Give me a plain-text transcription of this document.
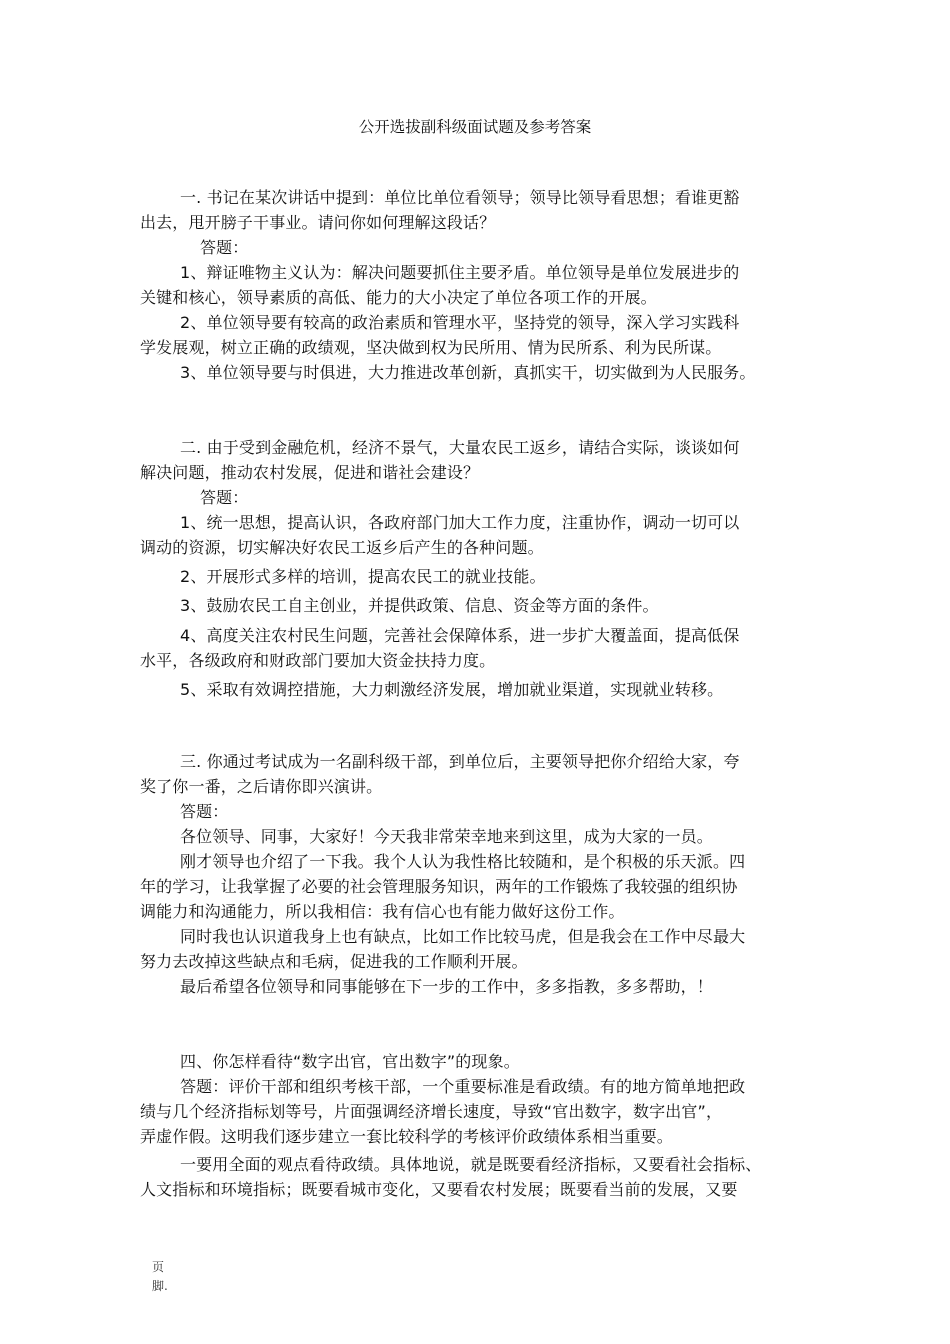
公开选拔副科级面试题及参考答案
一. 书记在某次讲话中提到：单位比单位看领导；领导比领导看思想；看谁更豁
出去，甩开膀子干事业。请问你如何理解这段话？
答题：
1、辩证唯物主义认为：解决问题要抓住主要矛盾。单位领导是单位发展进步的
关键和核心，领导素质的高低、能力的大小决定了单位各项工作的开展。
2、单位领导要有较高的政治素质和管理水平，坚持党的领导，深入学习实践科
学发展观，树立正确的政绩观，坚决做到权为民所用、情为民所系、利为民所谋。
3、单位领导要与时俱进，大力推进改革创新，真抓实干，切实做到为人民服务。
二. 由于受到金融危机，经济不景气，大量农民工返乡，请结合实际，谈谈如何
解决问题，推动农村发展，促进和谐社会建设？
答题：
1、统一思想，提高认识，各政府部门加大工作力度，注重协作，调动一切可以
调动的资源，切实解决好农民工返乡后产生的各种问题。
2、开展形式多样的培训，提高农民工的就业技能。
3、鼓励农民工自主创业，并提供政策、信息、资金等方面的条件。
4、高度关注农村民生问题，完善社会保障体系，进一步扩大覆盖面，提高低保
水平，各级政府和财政部门要加大资金扶持力度。
5、采取有效调控措施，大力刺激经济发展，增加就业渠道，实现就业转移。
三. 你通过考试成为一名副科级干部，到单位后，主要领导把你介绍给大家，夸
奖了你一番，之后请你即兴演讲。
答题：
各位领导、同事，大家好！今天我非常荣幸地来到这里，成为大家的一员。
刚才领导也介绍了一下我。我个人认为我性格比较随和，是个积极的乐天派。四
年的学习，让我掌握了必要的社会管理服务知识，两年的工作锻炼了我较强的组织协
调能力和沟通能力，所以我相信：我有信心也有能力做好这份工作。
同时我也认识道我身上也有缺点，比如工作比较马虎，但是我会在工作中尽最大
努力去改掉这些缺点和毛病，促进我的工作顺利开展。
最后希望各位领导和同事能够在下一步的工作中，多多指教，多多帮助，！
四、你怎样看待“数字出官，官出数字”的现象。
答题：评价干部和组织考核干部，一个重要标准是看政绩。有的地方简单地把政
绩与几个经济指标划等号，片面强调经济增长速度，导致“官出数字，数字出官”，
弄虚作假。这明我们逐步建立一套比较科学的考核评价政绩体系相当重要。
一要用全面的观点看待政绩。具体地说，就是既要看经济指标，又要看社会指标、
人文指标和环境指标；既要看城市变化，又要看农村发展；既要看当前的发展，又要
页
脚.
